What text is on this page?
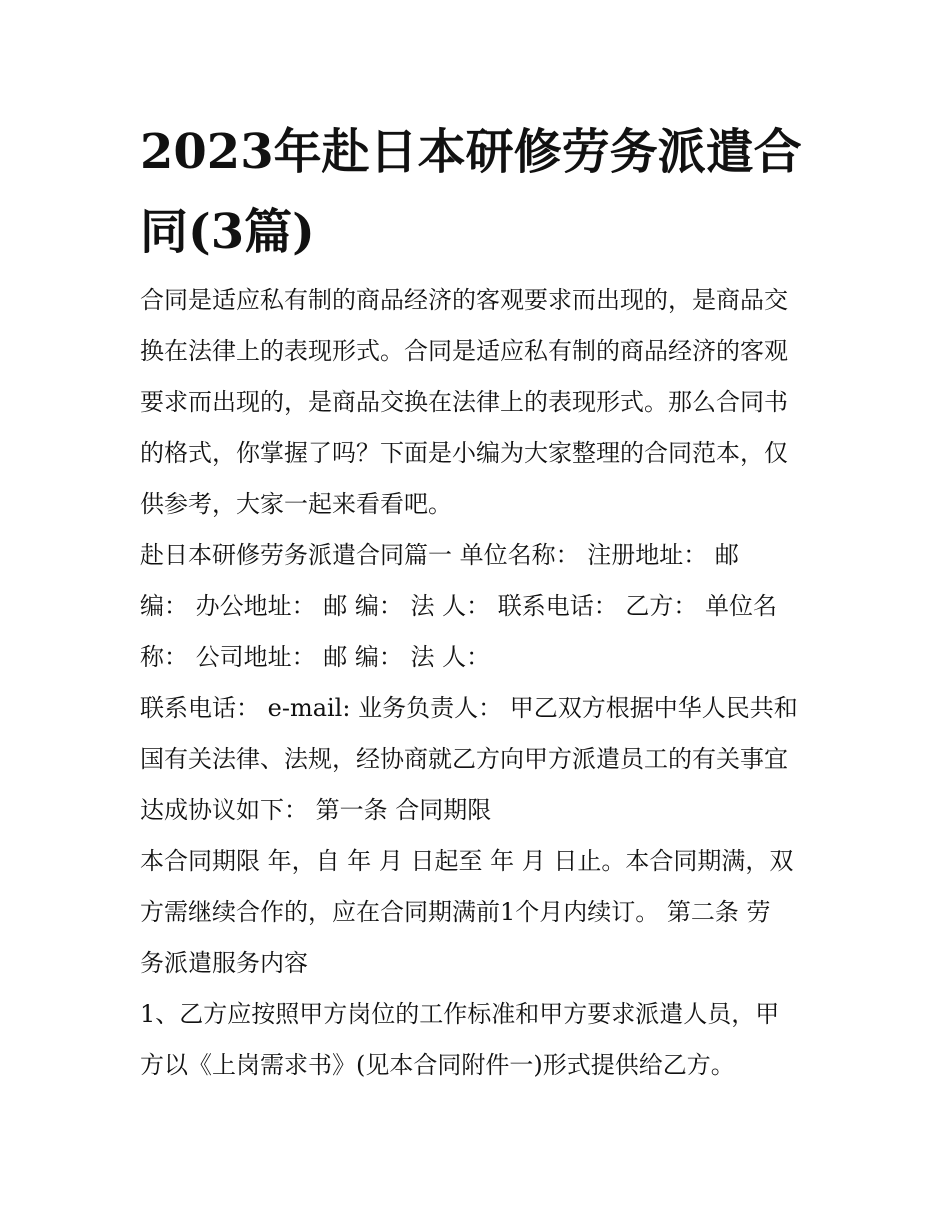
2023年赴日本研修劳务派遣合
同(3篇)
合同是适应私有制的商品经济的客观要求而出现的，是商品交
换在法律上的表现形式。合同是适应私有制的商品经济的客观
要求而出现的，是商品交换在法律上的表现形式。那么合同书
的格式，你掌握了吗？下面是小编为大家整理的合同范本，仅
供参考，大家一起来看看吧。
赴日本研修劳务派遣合同篇一 单位名称： 注册地址： 邮
编： 办公地址： 邮 编： 法 人： 联系电话： 乙方： 单位名
称： 公司地址： 邮 编： 法 人：
联系电话： e-mail: 业务负责人： 甲乙双方根据中华人民共和
国有关法律、法规，经协商就乙方向甲方派遣员工的有关事宜
达成协议如下： 第一条 合同期限
本合同期限 年，自 年 月 日起至 年 月 日止。本合同期满，双
方需继续合作的，应在合同期满前1个月内续订。 第二条 劳
务派遣服务内容
1、乙方应按照甲方岗位的工作标准和甲方要求派遣人员，甲
方以《上岗需求书》(见本合同附件一)形式提供给乙方。
